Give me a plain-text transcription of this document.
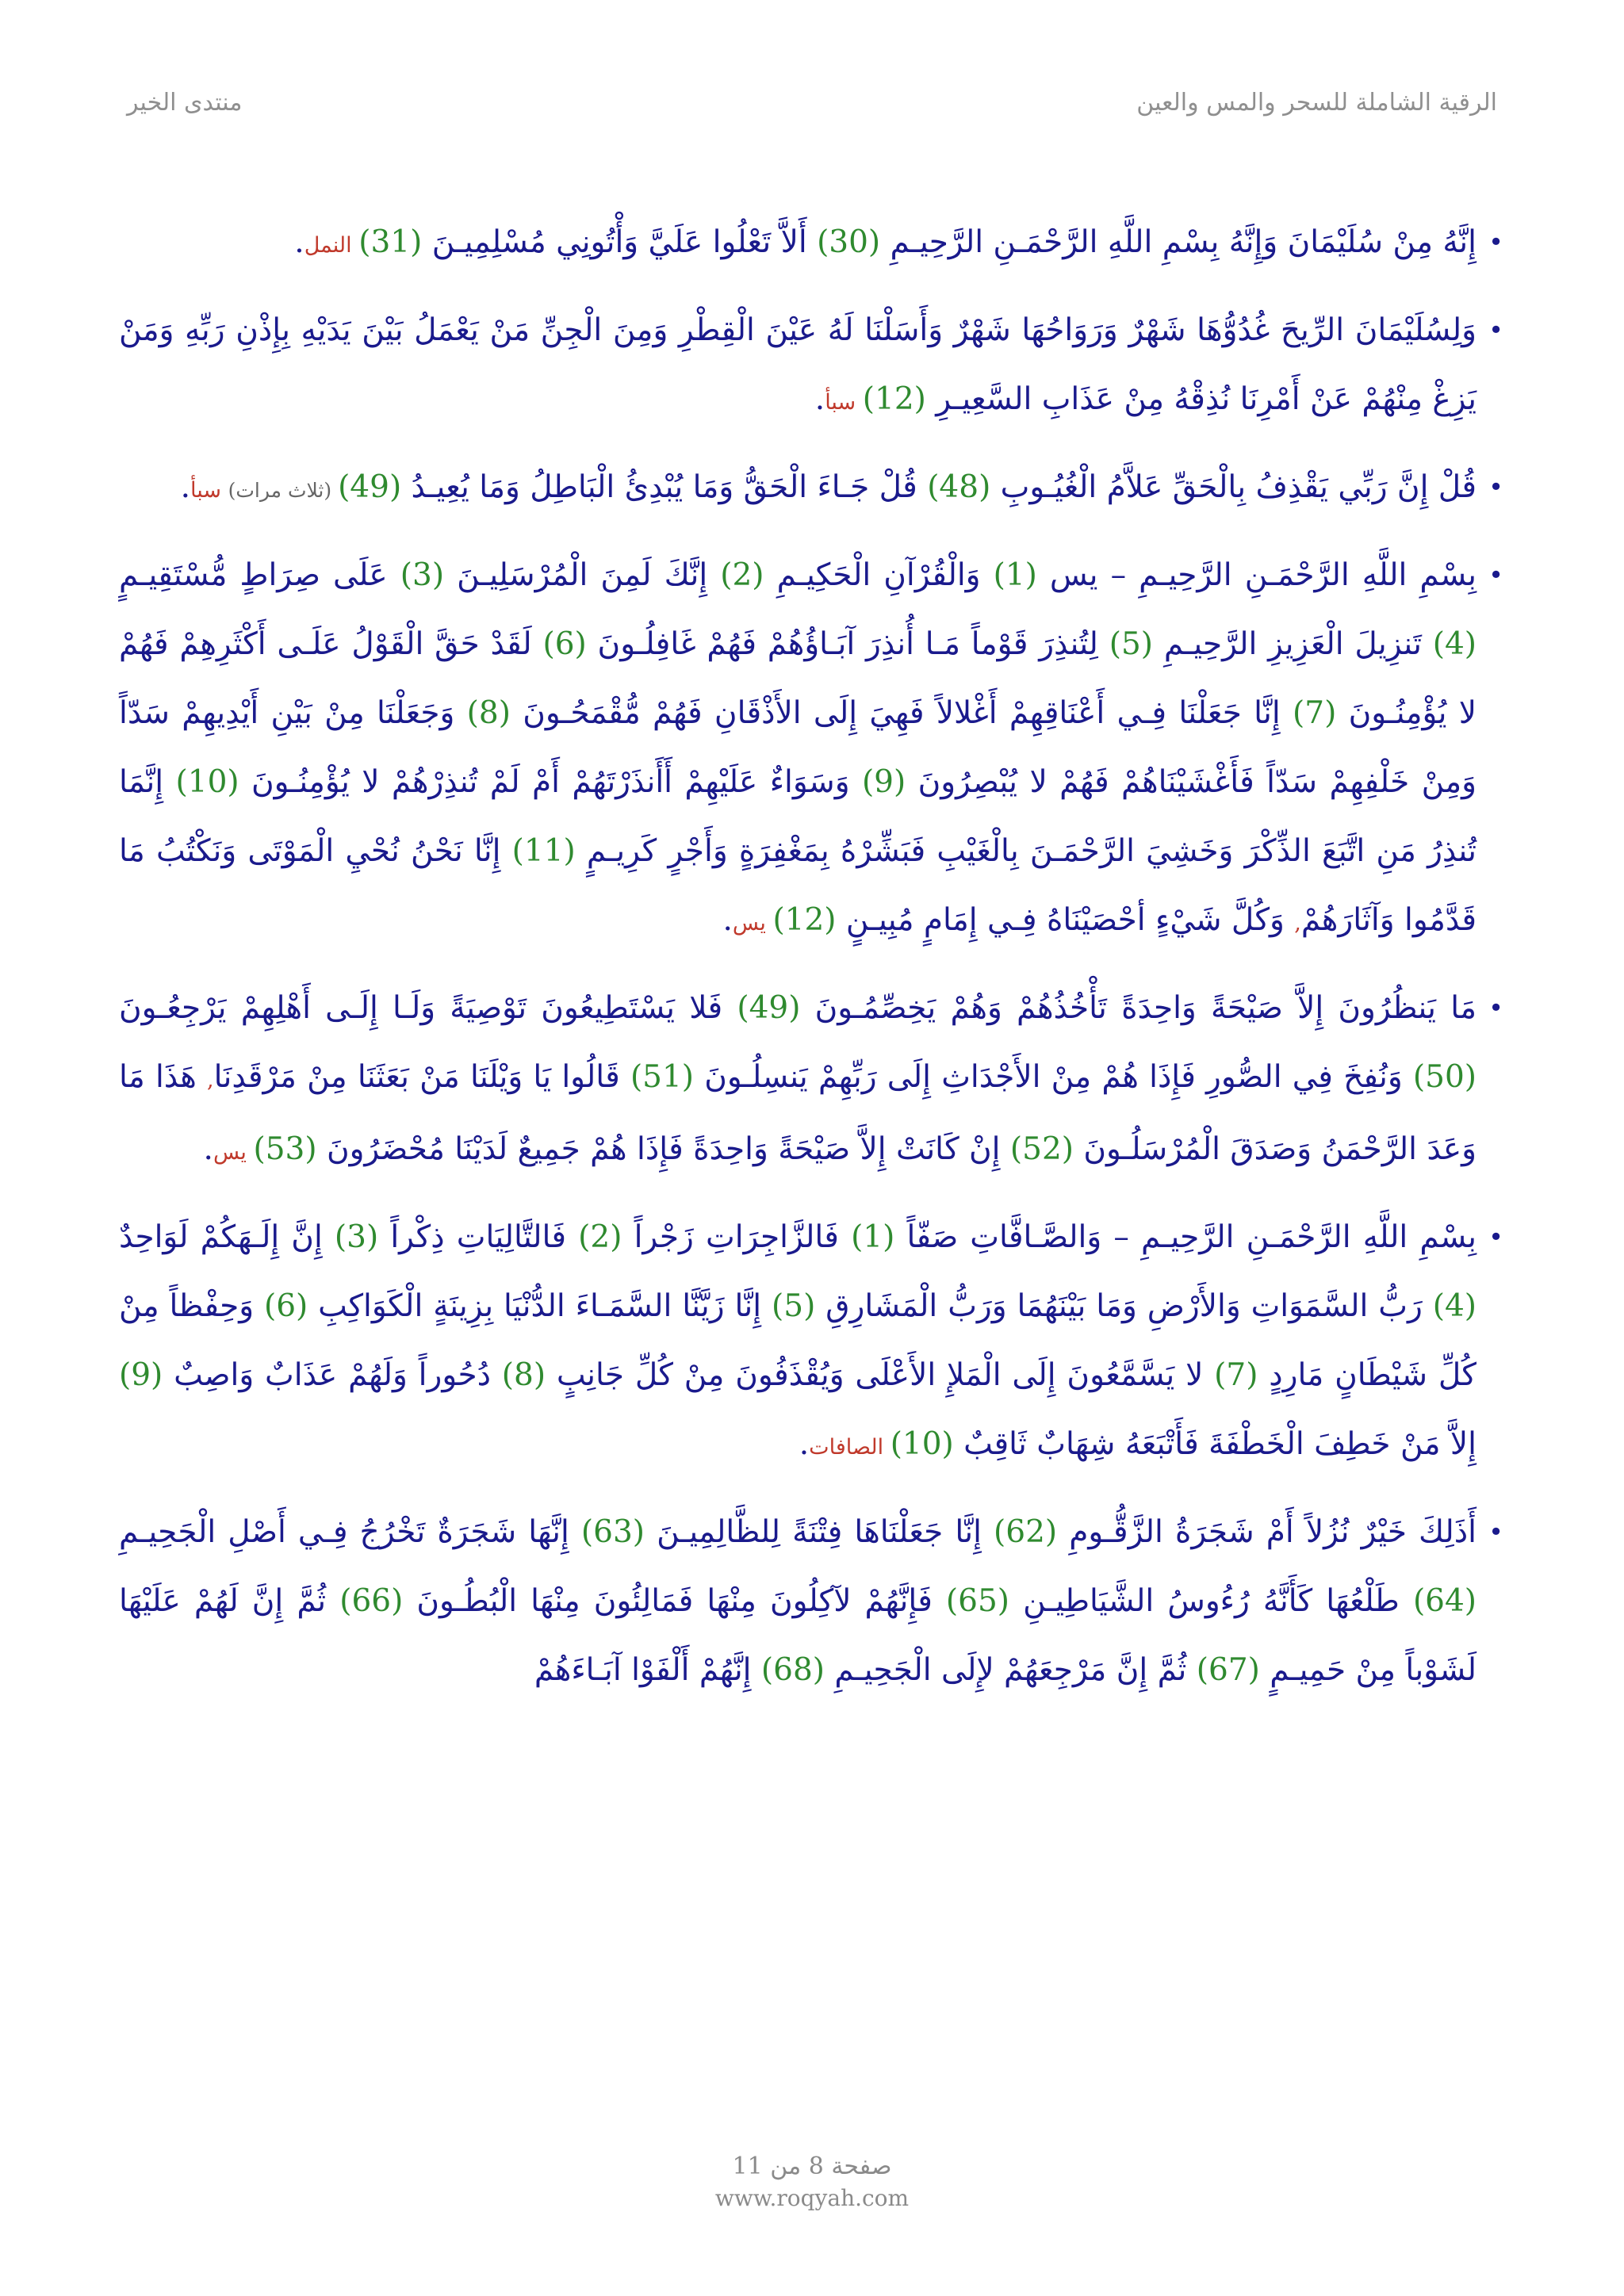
الرقية الشاملة للسحر والمس والعين
منتدى الخير
•
إِنَّهُ مِنْ سُلَيْمَانَ وَإِنَّهُ بِسْمِ اللَّهِ الرَّحْمَـنِ الرَّحِيـمِ (30) أَلاَّ تَعْلُوا عَلَيَّ وَأْتُونِي مُسْلِمِيـنَ (31) النمل.
•
وَلِسُلَيْمَانَ الرِّيحَ غُدُوُّهَا شَهْرٌ وَرَوَاحُهَا شَهْرٌ وَأَسَلْنَا لَهُ عَيْنَ الْقِطْرِ وَمِنَ الْجِنِّ مَنْ يَعْمَلُ بَيْنَ يَدَيْهِ بِإِذْنِ رَبِّهِ وَمَنْ يَزِغْ مِنْهُمْ عَنْ أَمْرِنَا نُذِقْهُ مِنْ عَذَابِ السَّعِيـرِ (12) سبأ.
•
قُلْ إِنَّ رَبِّي يَقْذِفُ بِالْحَقِّ عَلاَّمُ الْغُيُـوبِ (48) قُلْ جَـاءَ الْحَقُّ وَمَا يُبْدِئُ الْبَاطِلُ وَمَا يُعِيـدُ (49) (ثلاث مرات) سبأ.
•
بِسْمِ اللَّهِ الرَّحْمَـنِ الرَّحِيـمِ – يس (1) وَالْقُرْآنِ الْحَكِيـمِ (2) إِنَّكَ لَمِنَ الْمُرْسَلِيـنَ (3) عَلَى صِرَاطٍ مُّسْتَقِيـمٍ (4) تَنزِيلَ الْعَزِيزِ الرَّحِيـمِ (5) لِتُنذِرَ قَوْماً مَـا أُنذِرَ آبَـاؤُهُمْ فَهُمْ غَافِلُـونَ (6) لَقَدْ حَقَّ الْقَوْلُ عَلَـى أَكْثَرِهِمْ فَهُمْ لا يُؤْمِنُـونَ (7) إِنَّا جَعَلْنَا فِـي أَعْنَاقِهِمْ أَغْلالاً فَهِيَ إِلَى الأَذْقَانِ فَهُمْ مُّقْمَحُـونَ (8) وَجَعَلْنَا مِنْ بَيْنِ أَيْدِيهِمْ سَدّاً وَمِنْ خَلْفِهِمْ سَدّاً فَأَغْشَيْنَاهُمْ فَهُمْ لا يُبْصِرُونَ (9) وَسَوَاءٌ عَلَيْهِمْ أَأَنذَرْتَهُمْ أَمْ لَمْ تُنذِرْهُمْ لا يُؤْمِنُـونَ (10) إِنَّمَا تُنذِرُ مَنِ اتَّبَعَ الذِّكْرَ وَخَشِيَ الرَّحْمَـنَ بِالْغَيْبِ فَبَشِّرْهُ بِمَغْفِرَةٍ وَأَجْرٍ كَرِيـمٍ (11) إِنَّا نَحْنُ نُحْيِ الْمَوْتَى وَنَكْتُبُ مَا قَدَّمُوا وَآثَارَهُمْ, وَكُلَّ شَيْءٍ أحْصَيْنَاهُ فِـي إِمَامٍ مُبِيـنٍ (12) يس.
•
مَا يَنظُرُونَ إِلاَّ صَيْحَةً وَاحِدَةً تَأْخُذُهُمْ وَهُمْ يَخِصِّمُـونَ (49) فَلا يَسْتَطِيعُونَ تَوْصِيَةً وَلَـا إِلَـى أَهْلِهِمْ يَرْجِعُـونَ (50) وَنُفِخَ فِي الصُّورِ فَإِذَا هُمْ مِنْ الأَجْدَاثِ إِلَى رَبِّهِمْ يَنسِلُـونَ (51) قَالُوا يَا وَيْلَنَا مَنْ بَعَثَنَا مِنْ مَرْقَدِنَا, هَذَا مَا وَعَدَ الرَّحْمَنُ وَصَدَقَ الْمُرْسَلُـونَ (52) إِنْ كَانَتْ إِلاَّ صَيْحَةً وَاحِدَةً فَإِذَا هُمْ جَمِيعٌ لَدَيْنَا مُحْضَرُونَ (53) يس.
•
بِسْمِ اللَّهِ الرَّحْمَـنِ الرَّحِيـمِ – وَالصَّـافَّاتِ صَفّاً (1) فَالزَّاجِرَاتِ زَجْراً (2) فَالتَّالِيَاتِ ذِكْراً (3) إِنَّ إِلَـهَكُمْ لَوَاحِدٌ (4) رَبُّ السَّمَوَاتِ وَالأَرْضِ وَمَا بَيْنَهُمَا وَرَبُّ الْمَشَارِقِ (5) إِنَّا زَيَّنَّا السَّمَـاءَ الدُّنْيَا بِزِينَةٍ الْكَوَاكِبِ (6) وَحِفْظاً مِنْ كُلِّ شَيْطَانٍ مَارِدٍ (7) لا يَسَّمَّعُونَ إِلَى الْمَلإِ الأَعْلَى وَيُقْذَفُونَ مِنْ كُلِّ جَانِبٍ (8) دُحُوراً وَلَهُمْ عَذَابٌ وَاصِبٌ (9) إِلاَّ مَنْ خَطِفَ الْخَطْفَةَ فَأَتْبَعَهُ شِهَابٌ ثَاقِبٌ (10) الصافات.
•
أَذَلِكَ خَيْرٌ نُزُلاً أَمْ شَجَرَةُ الزَّقُّـومِ (62) إِنَّا جَعَلْنَاهَا فِتْنَةً لِلظَّالِمِيـنَ (63) إِنَّهَا شَجَرَةٌ تَخْرُجُ فِـي أَصْلِ الْجَحِيـمِ (64) طَلْعُهَا كَأَنَّهُ رُءُوسُ الشَّيَاطِيـنِ (65) فَإِنَّهُمْ لآكِلُونَ مِنْهَا فَمَالِئُونَ مِنْهَا الْبُطُـونَ (66) ثُمَّ إِنَّ لَهُمْ عَلَيْهَا لَشَوْباً مِنْ حَمِيـمٍ (67) ثُمَّ إِنَّ مَرْجِعَهُمْ لإِلَى الْجَحِيـمِ (68) إِنَّهُمْ أَلْفَوْا آبَـاءَهُمْ
صفحة 8 من 11
www.roqyah.com
